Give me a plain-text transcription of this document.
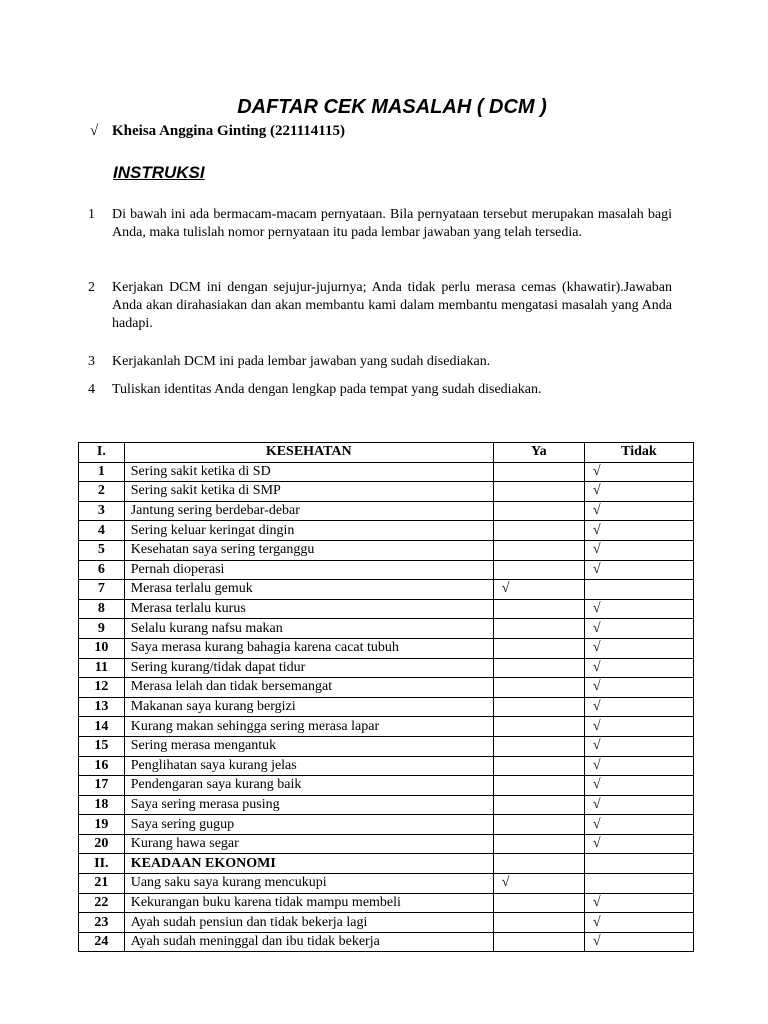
DAFTAR CEK MASALAH ( DCM )
√ Kheisa Anggina Ginting (221114115)
INSTRUKSI
1	Di bawah ini ada bermacam-macam pernyataan. Bila pernyataan tersebut merupakan masalah bagi Anda, maka tulislah nomor pernyataan itu pada lembar jawaban yang telah tersedia.
2	Kerjakan DCM ini dengan sejujur-jujurnya; Anda tidak perlu merasa cemas (khawatir).Jawaban Anda akan dirahasiakan dan akan membantu kami dalam membantu mengatasi masalah yang Anda hadapi.
3	Kerjakanlah DCM ini pada lembar jawaban yang sudah disediakan.
4	Tuliskan identitas Anda dengan lengkap pada tempat yang sudah disediakan.
I.	KESEHATAN	Ya	Tidak
1	Sering sakit ketika di SD		√
2	Sering sakit ketika di SMP		√
3	Jantung sering berdebar-debar		√
4	Sering keluar keringat dingin		√
5	Kesehatan saya sering terganggu		√
6	Pernah dioperasi		√
7	Merasa terlalu gemuk	√	
8	Merasa terlalu kurus		√
9	Selalu kurang nafsu makan		√
10	Saya merasa kurang bahagia karena cacat tubuh		√
11	Sering kurang/tidak dapat tidur		√
12	Merasa lelah dan tidak bersemangat		√
13	Makanan saya kurang bergizi		√
14	Kurang makan sehingga sering merasa lapar		√
15	Sering merasa mengantuk		√
16	Penglihatan saya kurang jelas		√
17	Pendengaran saya kurang baik		√
18	Saya sering merasa pusing		√
19	Saya sering gugup		√
20	Kurang hawa segar		√
II.	KEADAAN EKONOMI		
21	Uang saku saya kurang mencukupi	√	
22	Kekurangan buku karena tidak mampu membeli		√
23	Ayah sudah pensiun dan tidak bekerja lagi		√
24	Ayah sudah meninggal dan ibu tidak bekerja		√
